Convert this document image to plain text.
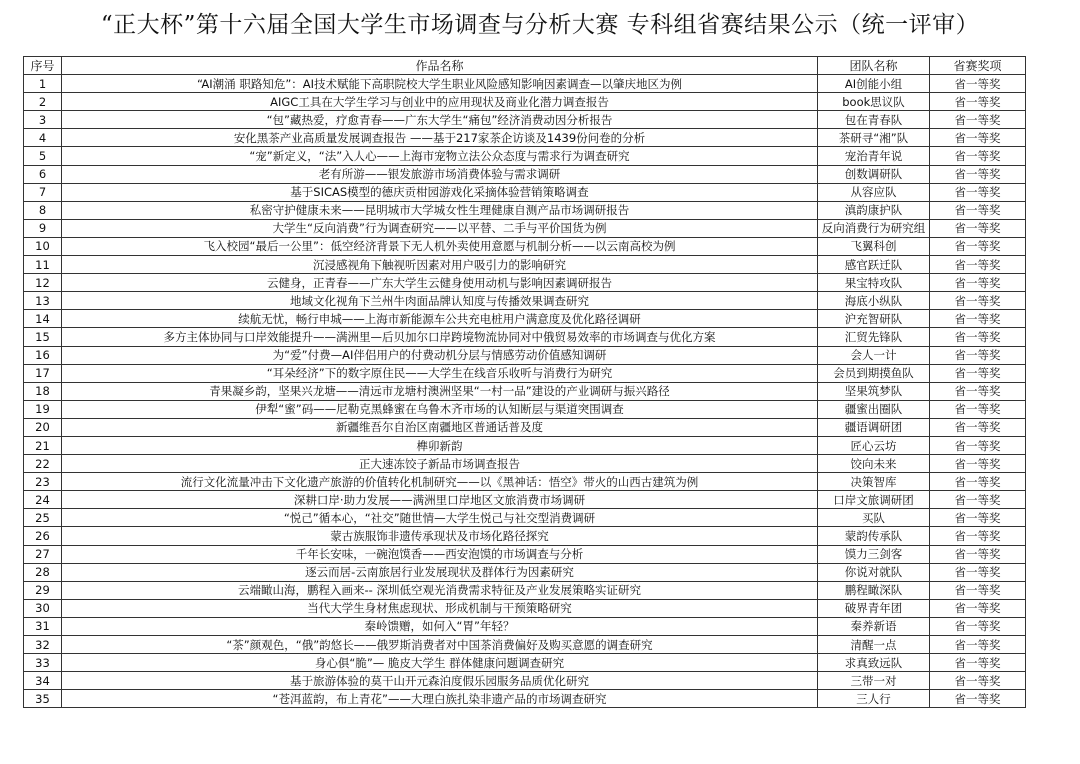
“正大杯”第十六届全国大学生市场调查与分析大赛 专科组省赛结果公示（统一评审）
序号	作品名称	团队名称	省赛奖项
1	“AI潮涌 职路知危”：AI技术赋能下高职院校大学生职业风险感知影响因素调查—以肇庆地区为例	AI创能小组	省一等奖
2	AIGC工具在大学生学习与创业中的应用现状及商业化潜力调查报告	book思议队	省一等奖
3	“包”藏热爱，疗愈青春——广东大学生“痛包”经济消费动因分析报告	包在青春队	省一等奖
4	安化黑茶产业高质量发展调查报告 ——基于217家茶企访谈及1439份问卷的分析	茶研寻“湘”队	省一等奖
5	“宠”新定义，“法”入人心——上海市宠物立法公众态度与需求行为调查研究	宠治青年说	省一等奖
6	老有所游——银发旅游市场消费体验与需求调研	创数调研队	省一等奖
7	基于SICAS模型的德庆贡柑园游戏化采摘体验营销策略调查	从容应队	省一等奖
8	私密守护健康未来——昆明城市大学城女性生理健康自测产品市场调研报告	滇韵康护队	省一等奖
9	大学生“反向消费”行为调查研究——以平替、二手与平价国货为例	反向消费行为研究组	省一等奖
10	飞入校园“最后一公里”：低空经济背景下无人机外卖使用意愿与机制分析——以云南高校为例	飞翼科创	省一等奖
11	沉浸感视角下触视听因素对用户吸引力的影响研究	感官跃迁队	省一等奖
12	云健身，正青春——广东大学生云健身使用动机与影响因素调研报告	果宝特攻队	省一等奖
13	地域文化视角下兰州牛肉面品牌认知度与传播效果调查研究	海底小纵队	省一等奖
14	续航无忧，畅行申城——上海市新能源车公共充电桩用户满意度及优化路径调研	沪充智研队	省一等奖
15	多方主体协同与口岸效能提升——满洲里—后贝加尔口岸跨境物流协同对中俄贸易效率的市场调查与优化方案	汇贸先锋队	省一等奖
16	为“爱”付费—AI伴侣用户的付费动机分层与情感劳动价值感知调研	会人一计	省一等奖
17	“耳朵经济”下的数字原住民——大学生在线音乐收听与消费行为研究	会员到期摸鱼队	省一等奖
18	青果凝乡韵，坚果兴龙塘——清远市龙塘村澳洲坚果“一村一品”建设的产业调研与振兴路径	坚果筑梦队	省一等奖
19	伊犁“蜜”码——尼勒克黑蜂蜜在乌鲁木齐市场的认知断层与渠道突围调查	疆蜜出圈队	省一等奖
20	新疆维吾尔自治区南疆地区普通话普及度	疆语调研团	省一等奖
21	榫卯新韵	匠心云坊	省一等奖
22	正大速冻饺子新品市场调查报告	饺向未来	省一等奖
23	流行文化流量冲击下文化遗产旅游的价值转化机制研究——以《黑神话：悟空》带火的山西古建筑为例	决策智库	省一等奖
24	深耕口岸·助力发展——满洲里口岸地区文旅消费市场调研	口岸文旅调研团	省一等奖
25	“悦己”循本心，“社交”随世情—大学生悦己与社交型消费调研	买队	省一等奖
26	蒙古族服饰非遗传承现状及市场化路径探究	蒙韵传承队	省一等奖
27	千年长安味，一碗泡馍香——西安泡馍的市场调查与分析	馍力三剑客	省一等奖
28	逐云而居-云南旅居行业发展现状及群体行为因素研究	你说对就队	省一等奖
29	云端瞰山海，鹏程入画来-- 深圳低空观光消费需求特征及产业发展策略实证研究	鹏程瞰深队	省一等奖
30	当代大学生身材焦虑现状、形成机制与干预策略研究	破界青年团	省一等奖
31	秦岭馈赠，如何入“胃”年轻？	秦养新语	省一等奖
32	“茶”颜观色，“俄”韵悠长——俄罗斯消费者对中国茶消费偏好及购买意愿的调查研究	清醒一点	省一等奖
33	身心俱“脆”— 脆皮大学生 群体健康问题调查研究	求真致远队	省一等奖
34	基于旅游体验的莫干山开元森泊度假乐园服务品质优化研究	三带一对	省一等奖
35	“苍洱蓝韵，布上青花”——大理白族扎染非遗产品的市场调查研究	三人行	省一等奖
